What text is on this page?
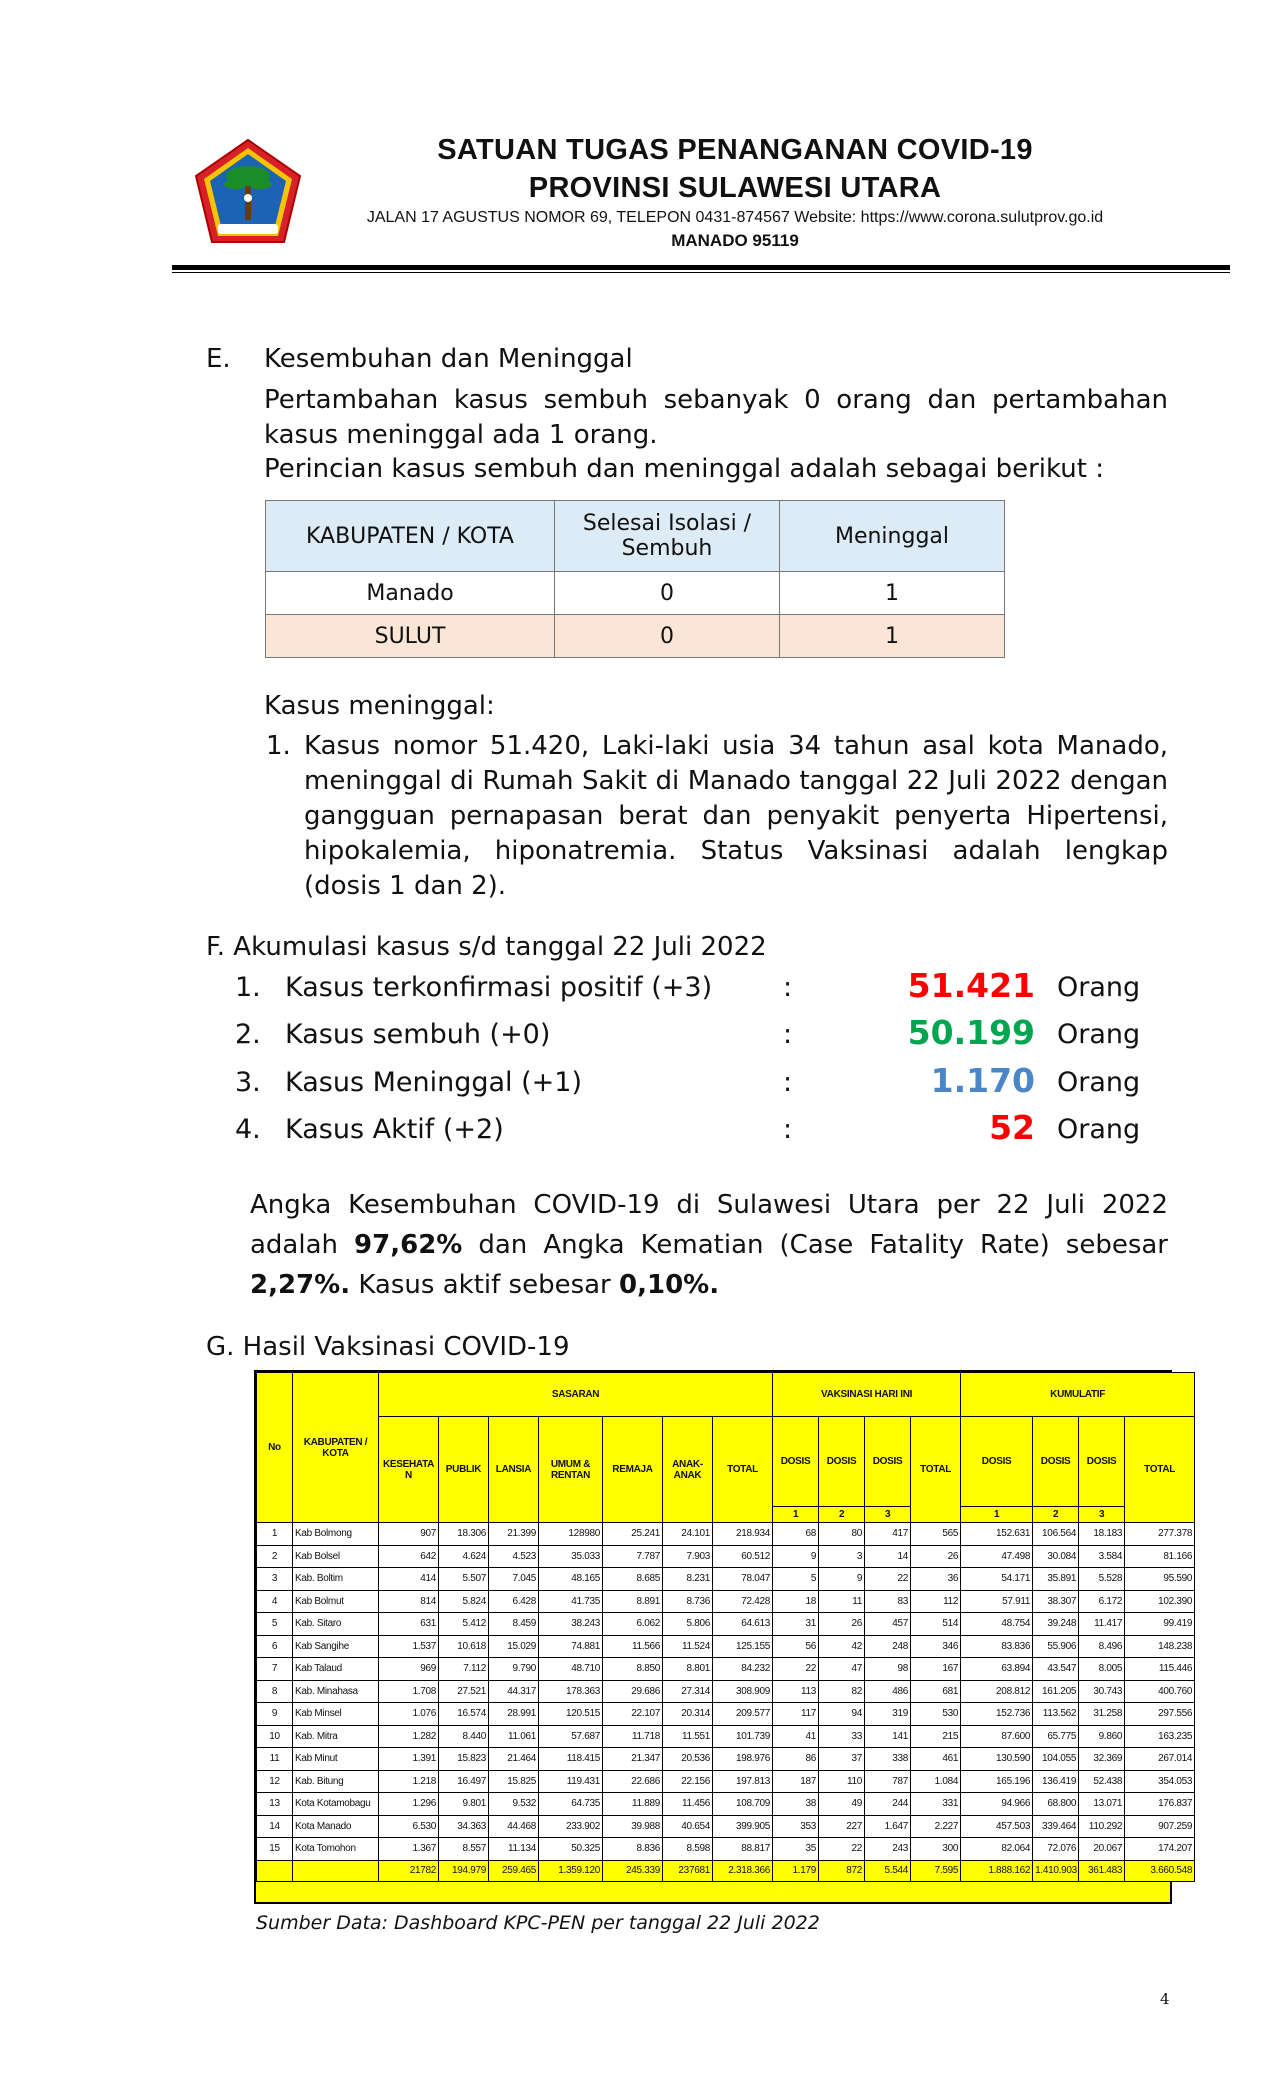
SATUAN TUGAS PENANGANAN COVID-19
PROVINSI SULAWESI UTARA
JALAN 17 AGUSTUS NOMOR 69, TELEPON 0431-874567 Website: https://www.corona.sulutprov.go.id
MANADO 95119
E. Kesembuhan dan Meninggal
Pertambahan kasus sembuh sebanyak 0 orang dan pertambahan kasus meninggal ada 1 orang.
Perincian kasus sembuh dan meninggal adalah sebagai berikut :
KABUPATEN / KOTA	Selesai Isolasi / Sembuh	Meninggal
Manado	0	1
SULUT	0	1
Kasus meninggal:
1. Kasus nomor 51.420, Laki-laki usia 34 tahun asal kota Manado, meninggal di Rumah Sakit di Manado tanggal 22 Juli 2022 dengan gangguan pernapasan berat dan penyakit penyerta Hipertensi, hipokalemia, hiponatremia. Status Vaksinasi adalah lengkap (dosis 1 dan 2).
F. Akumulasi kasus s/d tanggal 22 Juli 2022
1. Kasus terkonfirmasi positif (+3)	:	51.421 Orang
2. Kasus sembuh (+0)	:	50.199 Orang
3. Kasus Meninggal (+1)	:	1.170 Orang
4. Kasus Aktif (+2)	:	52 Orang
Angka Kesembuhan COVID-19 di Sulawesi Utara per 22 Juli 2022 adalah 97,62% dan Angka Kematian (Case Fatality Rate) sebesar 2,27%. Kasus aktif sebesar 0,10%.
G. Hasil Vaksinasi COVID-19
No	KABUPATEN / KOTA	SASARAN							VAKSINASI HARI INI				KUMULATIF			
		KESEHATA N	PUBLIK	LANSIA	UMUM & RENTAN	REMAJA	ANAK-ANAK	TOTAL	DOSIS	DOSIS	DOSIS	TOTAL	DOSIS	DOSIS	DOSIS	TOTAL
									1	2	3		1	2	3	
1	Kab Bolmong	907	18.306	21.399	128980	25.241	24.101	218.934	68	80	417	565	152.631	106.564	18.183	277.378
2	Kab Bolsel	642	4.624	4.523	35.033	7.787	7.903	60.512	9	3	14	26	47.498	30.084	3.584	81.166
3	Kab. Boltim	414	5.507	7.045	48.165	8.685	8.231	78.047	5	9	22	36	54.171	35.891	5.528	95.590
4	Kab Bolmut	814	5.824	6.428	41.735	8.891	8.736	72.428	18	11	83	112	57.911	38.307	6.172	102.390
5	Kab. Sitaro	631	5.412	8.459	38.243	6.062	5.806	64.613	31	26	457	514	48.754	39.248	11.417	99.419
6	Kab Sangihe	1.537	10.618	15.029	74.881	11.566	11.524	125.155	56	42	248	346	83.836	55.906	8.496	148.238
7	Kab Talaud	969	7.112	9.790	48.710	8.850	8.801	84.232	22	47	98	167	63.894	43.547	8.005	115.446
8	Kab. Minahasa	1.708	27.521	44.317	178.363	29.686	27.314	308.909	113	82	486	681	208.812	161.205	30.743	400.760
9	Kab Minsel	1.076	16.574	28.991	120.515	22.107	20.314	209.577	117	94	319	530	152.736	113.562	31.258	297.556
10	Kab. Mitra	1.282	8.440	11.061	57.687	11.718	11.551	101.739	41	33	141	215	87.600	65.775	9.860	163.235
11	Kab Minut	1.391	15.823	21.464	118.415	21.347	20.536	198.976	86	37	338	461	130.590	104.055	32.369	267.014
12	Kab. Bitung	1.218	16.497	15.825	119.431	22.686	22.156	197.813	187	110	787	1.084	165.196	136.419	52.438	354.053
13	Kota Kotamobagu	1.296	9.801	9.532	64.735	11.889	11.456	108.709	38	49	244	331	94.966	68.800	13.071	176.837
14	Kota Manado	6.530	34.363	44.468	233.902	39.988	40.654	399.905	353	227	1.647	2.227	457.503	339.464	110.292	907.259
15	Kota Tomohon	1.367	8.557	11.134	50.325	8.836	8.598	88.817	35	22	243	300	82.064	72.076	20.067	174.207
		21782	194.979	259.465	1.359.120	245.339	237681	2.318.366	1.179	872	5.544	7.595	1.888.162	1.410.903	361.483	3.660.548
Sumber Data: Dashboard KPC-PEN per tanggal 22 Juli 2022
4
